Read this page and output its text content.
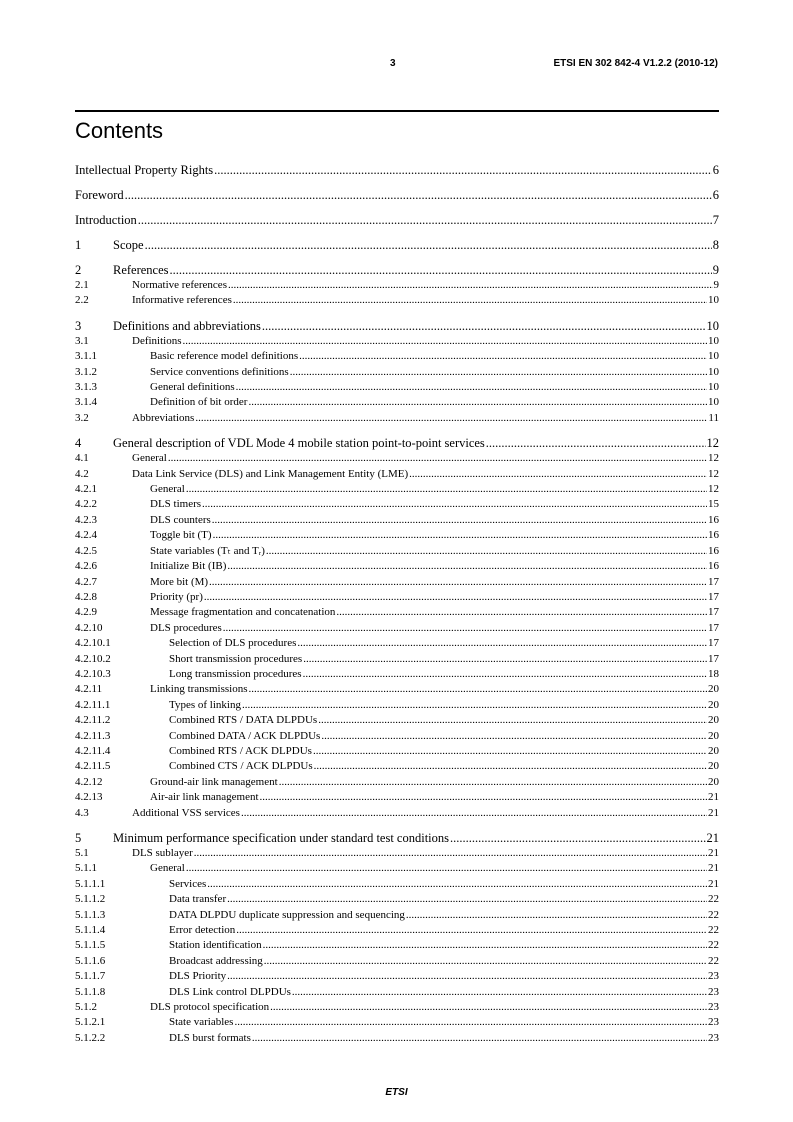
3	ETSI EN 302 842-4 V1.2.2 (2010-12)
Contents
Intellectual Property Rights .....	6
Foreword .....	6
Introduction .....	7
1	Scope .....	8
2	References .....	9
2.1	Normative references .....	9
2.2	Informative references .....	10
3	Definitions and abbreviations .....	10
3.1	Definitions .....	10
3.1.1	Basic reference model definitions .....	10
3.1.2	Service conventions definitions .....	10
3.1.3	General definitions .....	10
3.1.4	Definition of bit order .....	10
3.2	Abbreviations .....	11
4	General description of VDL Mode 4 mobile station point-to-point services .....	12
4.1	General .....	12
4.2	Data Link Service (DLS) and Link Management Entity (LME) .....	12
4.2.1	General .....	12
4.2.2	DLS timers .....	15
4.2.3	DLS counters .....	16
4.2.4	Toggle bit (T) .....	16
4.2.5	State variables (Tₜ and Tᵣ) .....	16
4.2.6	Initialize Bit (IB) .....	16
4.2.7	More bit (M) .....	17
4.2.8	Priority (pr) .....	17
4.2.9	Message fragmentation and concatenation .....	17
4.2.10	DLS procedures .....	17
4.2.10.1	Selection of DLS procedures .....	17
4.2.10.2	Short transmission procedures .....	17
4.2.10.3	Long transmission procedures .....	18
4.2.11	Linking transmissions .....	20
4.2.11.1	Types of linking .....	20
4.2.11.2	Combined RTS / DATA DLPDUs .....	20
4.2.11.3	Combined DATA / ACK DLPDUs .....	20
4.2.11.4	Combined RTS / ACK DLPDUs .....	20
4.2.11.5	Combined CTS / ACK DLPDUs .....	20
4.2.12	Ground-air link management .....	20
4.2.13	Air-air link management .....	21
4.3	Additional VSS services .....	21
5	Minimum performance specification under standard test conditions .....	21
5.1	DLS sublayer .....	21
5.1.1	General .....	21
5.1.1.1	Services .....	21
5.1.1.2	Data transfer .....	22
5.1.1.3	DATA DLPDU duplicate suppression and sequencing .....	22
5.1.1.4	Error detection .....	22
5.1.1.5	Station identification .....	22
5.1.1.6	Broadcast addressing .....	22
5.1.1.7	DLS Priority .....	23
5.1.1.8	DLS Link control DLPDUs .....	23
5.1.2	DLS protocol specification .....	23
5.1.2.1	State variables .....	23
5.1.2.2	DLS burst formats .....	23
ETSI
